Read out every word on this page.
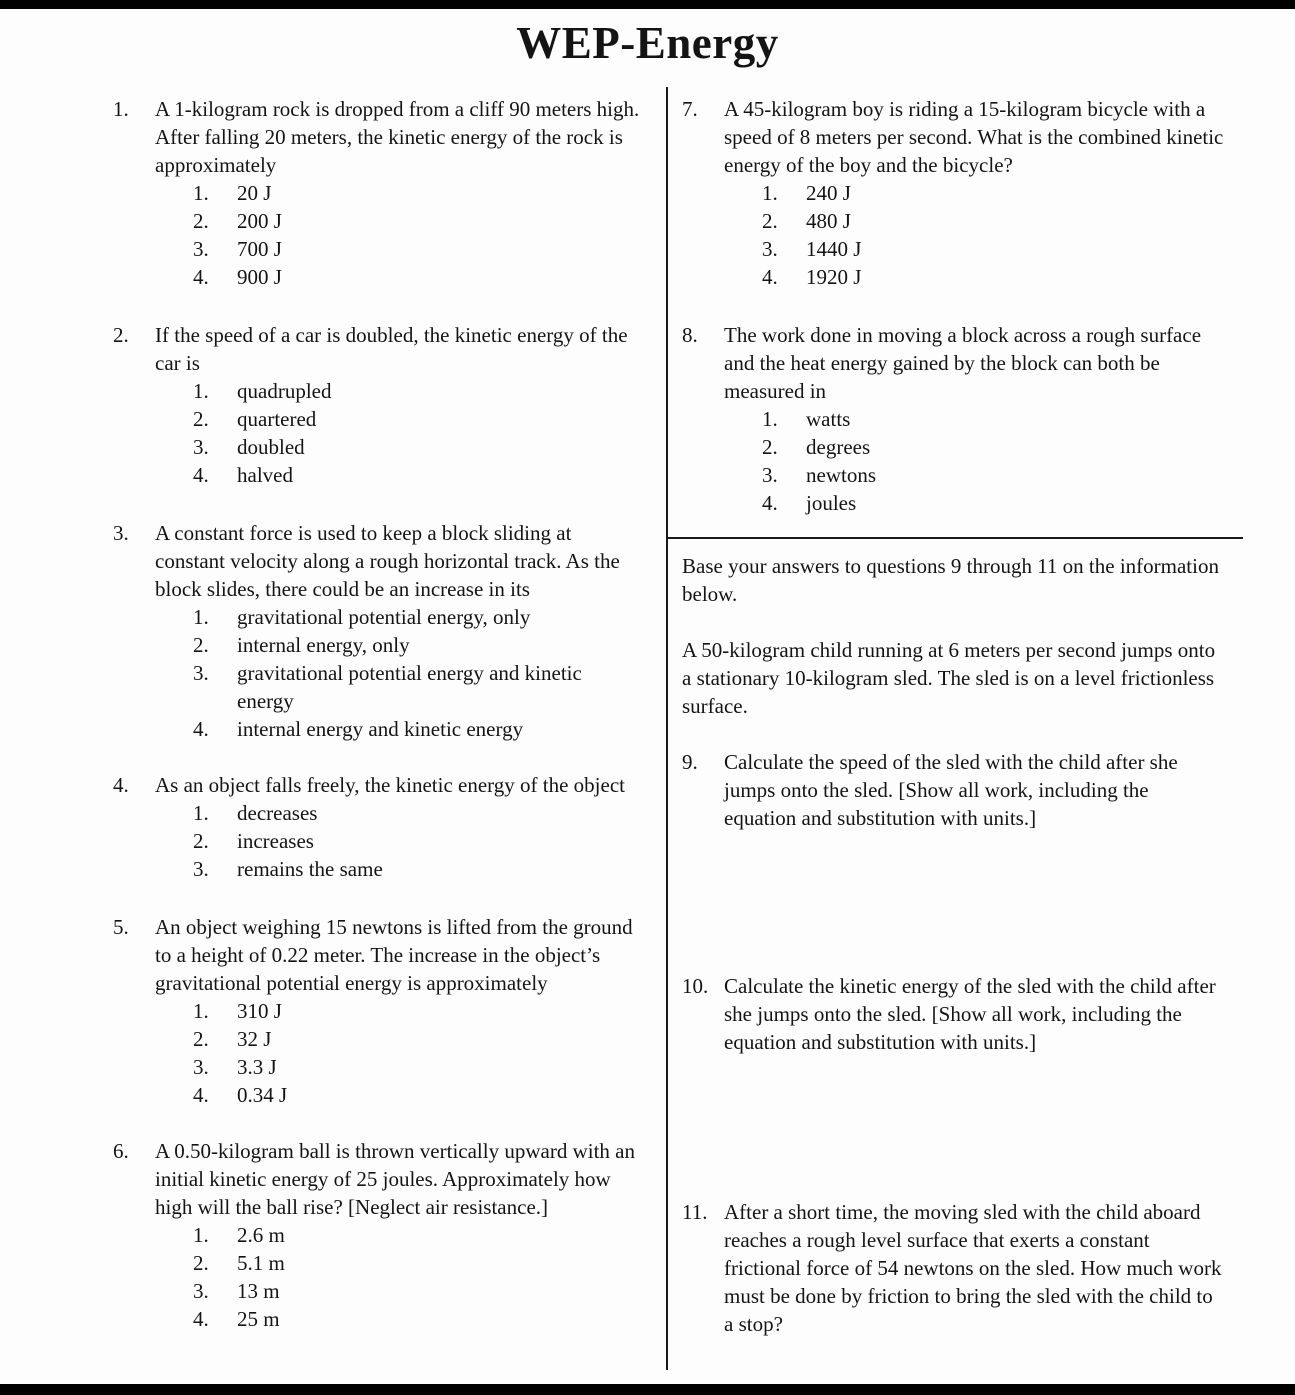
WEP-Energy
1.	A 1-kilogram rock is dropped from a cliff 90 meters high. After falling 20 meters, the kinetic energy of the rock is approximately
1.	20 J
2.	200 J
3.	700 J
4.	900 J
2.	If the speed of a car is doubled, the kinetic energy of the car is
1.	quadrupled
2.	quartered
3.	doubled
4.	halved
3.	A constant force is used to keep a block sliding at constant velocity along a rough horizontal track. As the block slides, there could be an increase in its
1.	gravitational potential energy, only
2.	internal energy, only
3.	gravitational potential energy and kinetic energy
4.	internal energy and kinetic energy
4.	As an object falls freely, the kinetic energy of the object
1.	decreases
2.	increases
3.	remains the same
5.	An object weighing 15 newtons is lifted from the ground to a height of 0.22 meter. The increase in the object’s gravitational potential energy is approximately
1.	310 J
2.	32 J
3.	3.3 J
4.	0.34 J
6.	A 0.50-kilogram ball is thrown vertically upward with an initial kinetic energy of 25 joules. Approximately how high will the ball rise? [Neglect air resistance.]
1.	2.6 m
2.	5.1 m
3.	13 m
4.	25 m
7.	A 45-kilogram boy is riding a 15-kilogram bicycle with a speed of 8 meters per second. What is the combined kinetic energy of the boy and the bicycle?
1.	240 J
2.	480 J
3.	1440 J
4.	1920 J
8.	The work done in moving a block across a rough surface and the heat energy gained by the block can both be measured in
1.	watts
2.	degrees
3.	newtons
4.	joules

Base your answers to questions 9 through 11 on the information below.

A 50-kilogram child running at 6 meters per second jumps onto a stationary 10-kilogram sled. The sled is on a level frictionless surface.

9.	Calculate the speed of the sled with the child after she jumps onto the sled. [Show all work, including the equation and substitution with units.]
10. Calculate the kinetic energy of the sled with the child after she jumps onto the sled. [Show all work, including the equation and substitution with units.]
11. After a short time, the moving sled with the child aboard reaches a rough level surface that exerts a constant frictional force of 54 newtons on the sled. How much work must be done by friction to bring the sled with the child to a stop?
